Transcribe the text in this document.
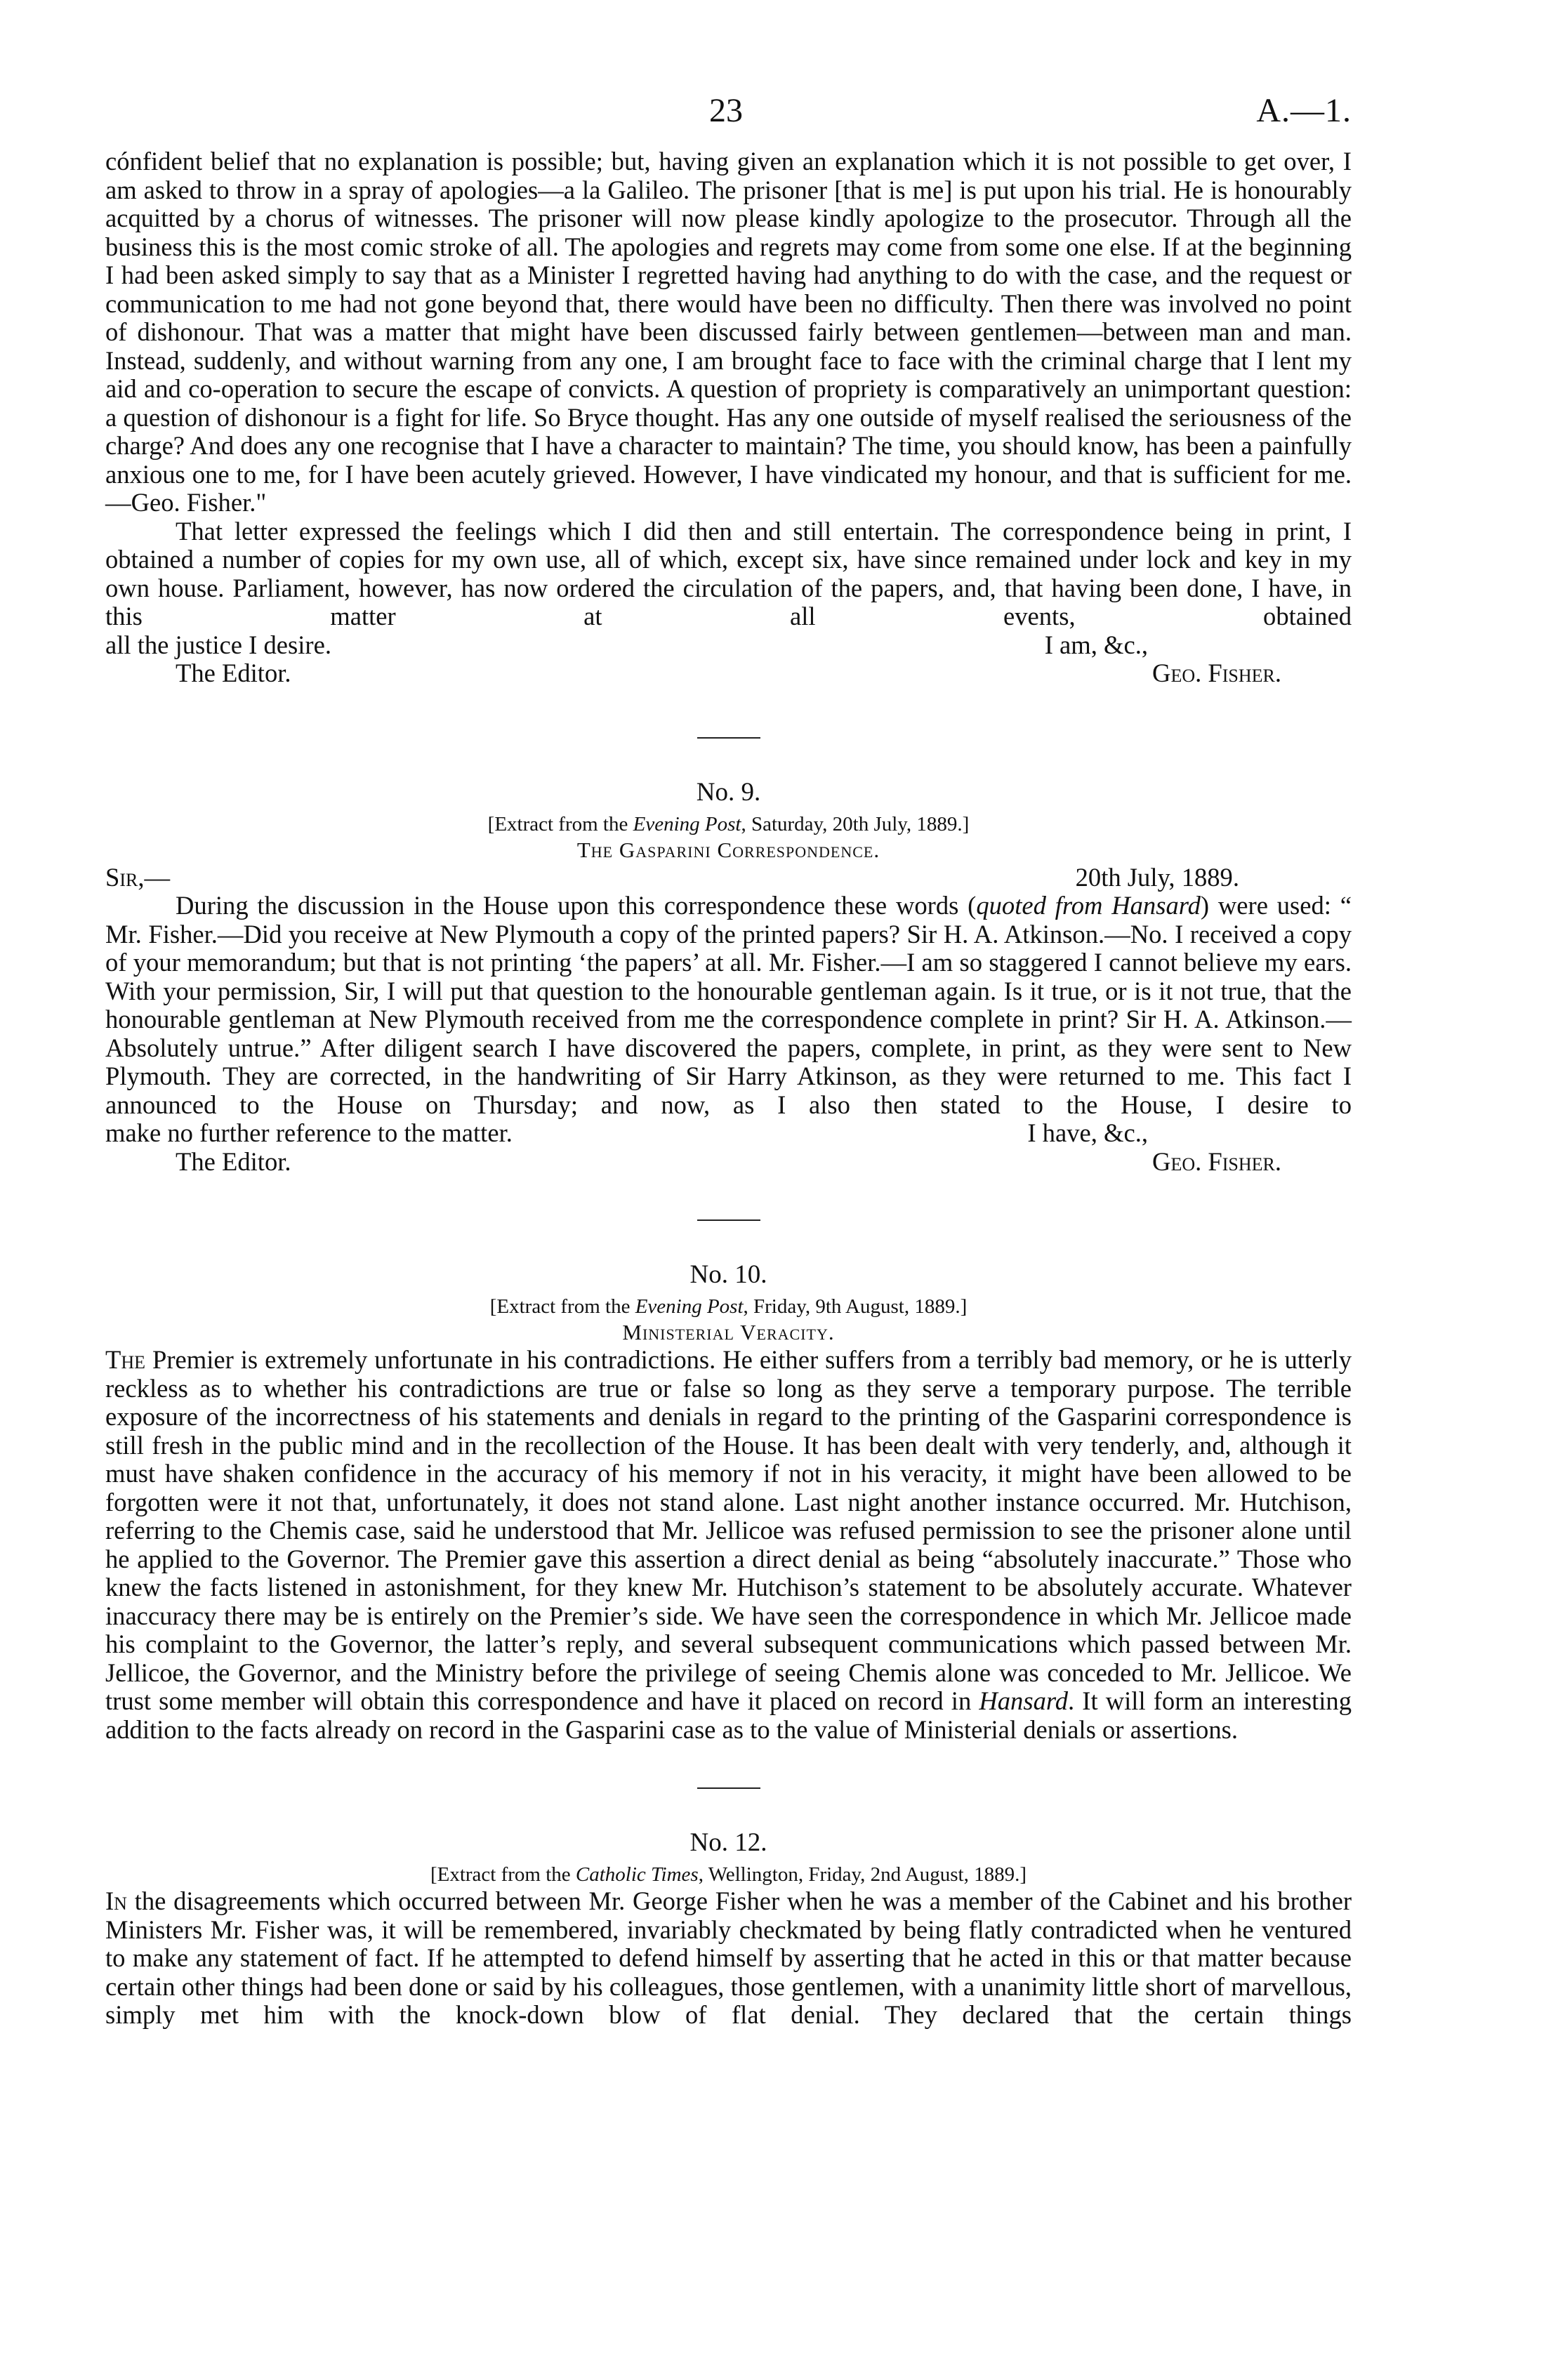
23	A.—1.

cónfident belief that no explanation is possible; but, having given an explanation which it is not possible to get over, I am asked to throw in a spray of apologies—a la Galileo. The prisoner [that is me] is put upon his trial. He is honourably acquitted by a chorus of witnesses. The prisoner will now please kindly apologize to the prosecutor. Through all the business this is the most comic stroke of all. The apologies and regrets may come from some one else. If at the beginning I had been asked simply to say that as a Minister I regretted having had anything to do with the case, and the request or communication to me had not gone beyond that, there would have been no difficulty. Then there was involved no point of dishonour. That was a matter that might have been discussed fairly between gentlemen—between man and man. Instead, suddenly, and without warning from any one, I am brought face to face with the criminal charge that I lent my aid and co-operation to secure the escape of convicts. A question of propriety is comparatively an unimportant question: a question of dishonour is a fight for life. So Bryce thought. Has any one outside of myself realised the seriousness of the charge? And does any one recognise that I have a character to maintain? The time, you should know, has been a painfully anxious one to me, for I have been acutely grieved. However, I have vindicated my honour, and that is sufficient for me.—Geo. Fisher."

That letter expressed the feelings which I did then and still entertain. The correspondence being in print, I obtained a number of copies for my own use, all of which, except six, have since remained under lock and key in my own house. Parliament, however, has now ordered the circulation of the papers, and, that having been done, I have, in this matter at all events, obtained

all the justice I desire.	I am, &c.,
The Editor.	Geo. Fisher.
No. 9.
[Extract from the Evening Post, Saturday, 20th July, 1889.]
The Gasparini Correspondence.
Sir,—	20th July, 1889.

During the discussion in the House upon this correspondence these words (quoted from Hansard) were used: “ Mr. Fisher.—Did you receive at New Plymouth a copy of the printed papers? Sir H. A. Atkinson.—No. I received a copy of your memorandum; but that is not printing ‘the papers’ at all. Mr. Fisher.—I am so staggered I cannot believe my ears. With your permission, Sir, I will put that question to the honourable gentleman again. Is it true, or is it not true, that the honourable gentleman at New Plymouth received from me the correspondence complete in print? Sir H. A. Atkinson.—Absolutely untrue.” After diligent search I have discovered the papers, complete, in print, as they were sent to New Plymouth. They are corrected, in the handwriting of Sir Harry Atkinson, as they were returned to me. This fact I announced to the House on Thursday; and now, as I also then stated to the House, I desire to

make no further reference to the matter.	I have, &c.,
The Editor.	Geo. Fisher.
No. 10.
[Extract from the Evening Post, Friday, 9th August, 1889.]
Ministerial Veracity.

The Premier is extremely unfortunate in his contradictions. He either suffers from a terribly bad memory, or he is utterly reckless as to whether his contradictions are true or false so long as they serve a temporary purpose. The terrible exposure of the incorrectness of his statements and denials in regard to the printing of the Gasparini correspondence is still fresh in the public mind and in the recollection of the House. It has been dealt with very tenderly, and, although it must have shaken confidence in the accuracy of his memory if not in his veracity, it might have been allowed to be forgotten were it not that, unfortunately, it does not stand alone. Last night another instance occurred. Mr. Hutchison, referring to the Chemis case, said he understood that Mr. Jellicoe was refused permission to see the prisoner alone until he applied to the Governor. The Premier gave this assertion a direct denial as being “absolutely inaccurate.” Those who knew the facts listened in astonishment, for they knew Mr. Hutchison’s statement to be absolutely accurate. Whatever inaccuracy there may be is entirely on the Premier’s side. We have seen the correspondence in which Mr. Jellicoe made his complaint to the Governor, the latter’s reply, and several subsequent communications which passed between Mr. Jellicoe, the Governor, and the Ministry before the privilege of seeing Chemis alone was conceded to Mr. Jellicoe. We trust some member will obtain this correspondence and have it placed on record in Hansard. It will form an interesting addition to the facts already on record in the Gasparini case as to the value of Ministerial denials or assertions.

No. 12.
[Extract from the Catholic Times, Wellington, Friday, 2nd August, 1889.]

In the disagreements which occurred between Mr. George Fisher when he was a member of the Cabinet and his brother Ministers Mr. Fisher was, it will be remembered, invariably checkmated by being flatly contradicted when he ventured to make any statement of fact. If he attempted to defend himself by asserting that he acted in this or that matter because certain other things had been done or said by his colleagues, those gentlemen, with a unanimity little short of marvellous, simply met him with the knock-down blow of flat denial. They declared that the certain things
